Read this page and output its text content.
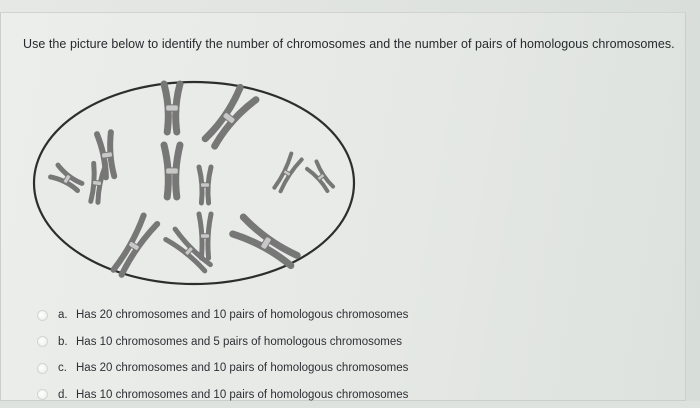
Use the picture below to identify the number of chromosomes and the number of pairs of homologous chromosomes.
a. Has 20 chromosomes and 10 pairs of homologous chromosomes
b. Has 10 chromosomes and 5 pairs of homologous chromosomes
c. Has 20 chromosomes and 10 pairs of homologous chromosomes
d. Has 10 chromosomes and 10 pairs of homologous chromosomes
